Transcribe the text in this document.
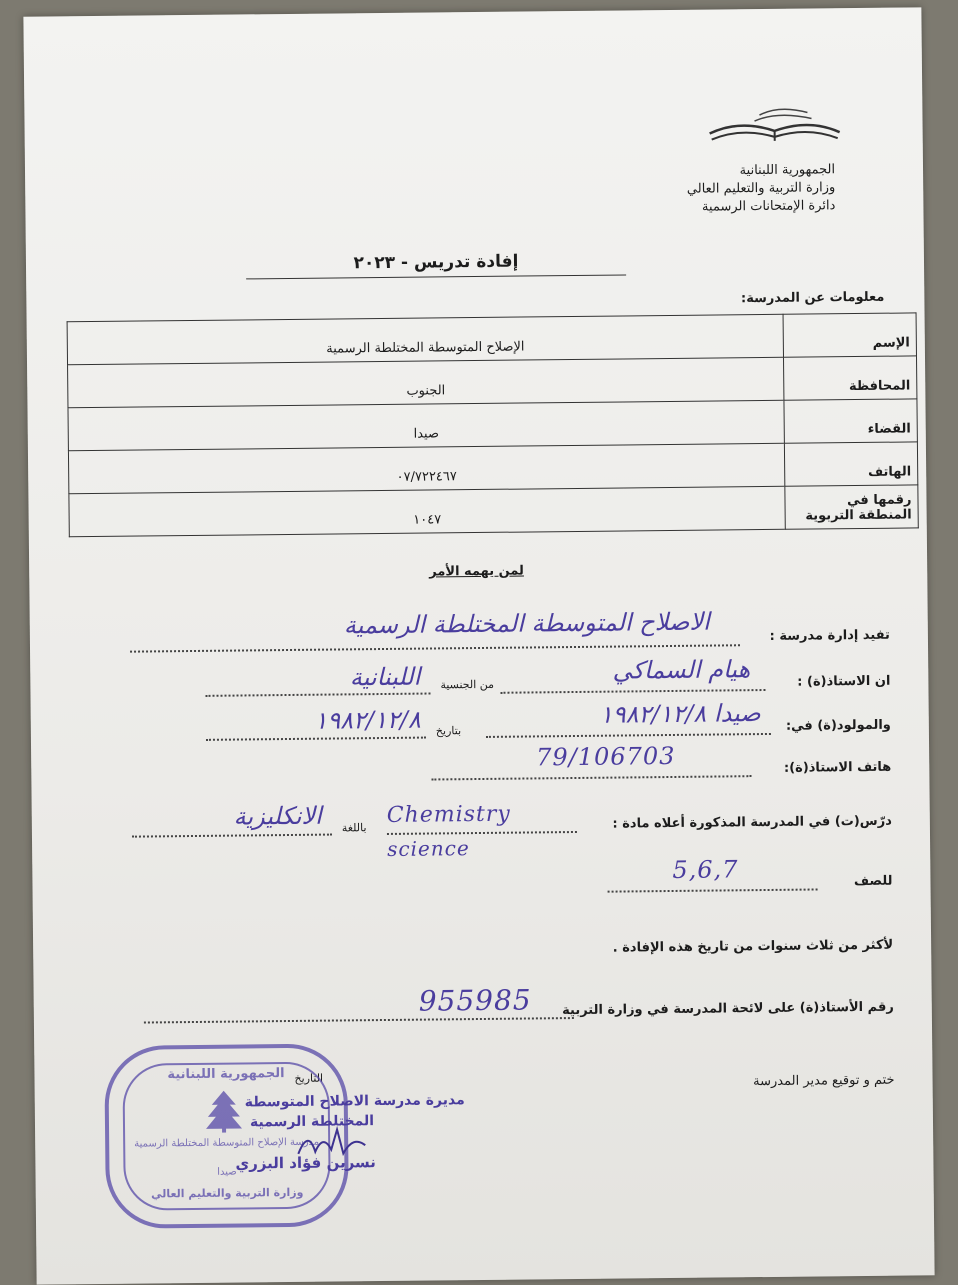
الجمهورية اللبنانية
وزارة التربية والتعليم العالي
دائرة الإمتحانات الرسمية
إفادة تدريس - ٢٠٢٣
معلومات عن المدرسة:
الإسم	الإصلاح المتوسطة المختلطة الرسمية
المحافظة	الجنوب
القضاء	صيدا
الهاتف	٠٧/٧٢٢٤٦٧
رقمها في المنطقة التربوية	١٠٤٧
لمن يهمه الأمر
تفيد إدارة مدرسة :
الاصلاح المتوسطة المختلطة الرسمية
ان الاستاذ(ة) :
هيام السماكي
من الجنسية
اللبنانية
والمولود(ة) في:
صيدا ١٩٨٢/١٢/٨
بتاريخ
١٩٨٢/١٢/٨
هاتف الاستاذ(ة):
79/106703
درّس(ت) في المدرسة المذكورة أعلاه مادة :
Chemistry
science
باللغة
الانكليزية
للصف
5,6,7
لأكثر من ثلاث سنوات من تاريخ هذه الإفادة .
رقم الأستاذ(ة) على لائحة المدرسة في وزارة التربية
955985
ختم و توقيع مدير المدرسة
التاريخ
الجمهورية اللبنانية
مدرسة الإصلاح المتوسطة المختلطة الرسمية
صيدا
وزارة التربية والتعليم العالي
مديرة مدرسة الاصلاح المتوسطة
المختلطة الرسمية
نسرين فؤاد البزري
